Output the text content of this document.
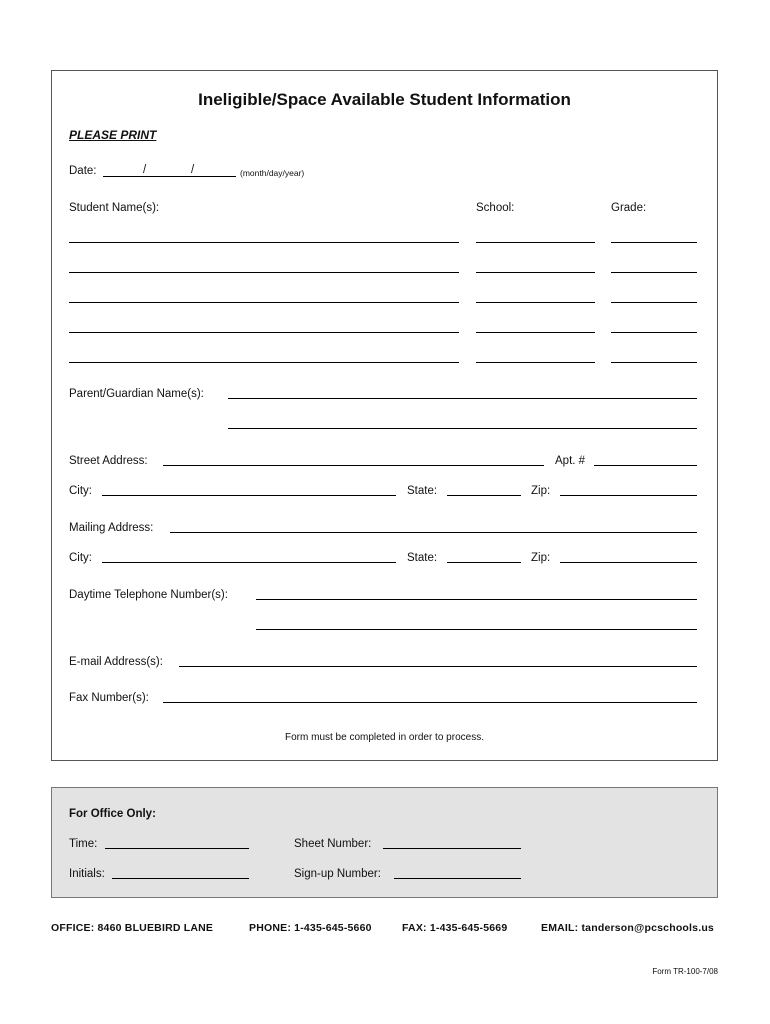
Ineligible/Space Available Student Information
PLEASE PRINT
Date:	/	/	(month/day/year)
Student Name(s):	School:	Grade:
Parent/Guardian Name(s):
Street Address:	Apt. #
City:	State:	Zip:
Mailing Address:
City:	State:	Zip:
Daytime Telephone Number(s):
E-mail Address(s):
Fax Number(s):
Form must be completed in order to process.
For Office Only:
Time:	Sheet Number:
Initials:	Sign-up Number:
OFFICE: 8460 BLUEBIRD LANE	PHONE: 1-435-645-5660	FAX: 1-435-645-5669	EMAIL: tanderson@pcschools.us
Form TR-100-7/08
